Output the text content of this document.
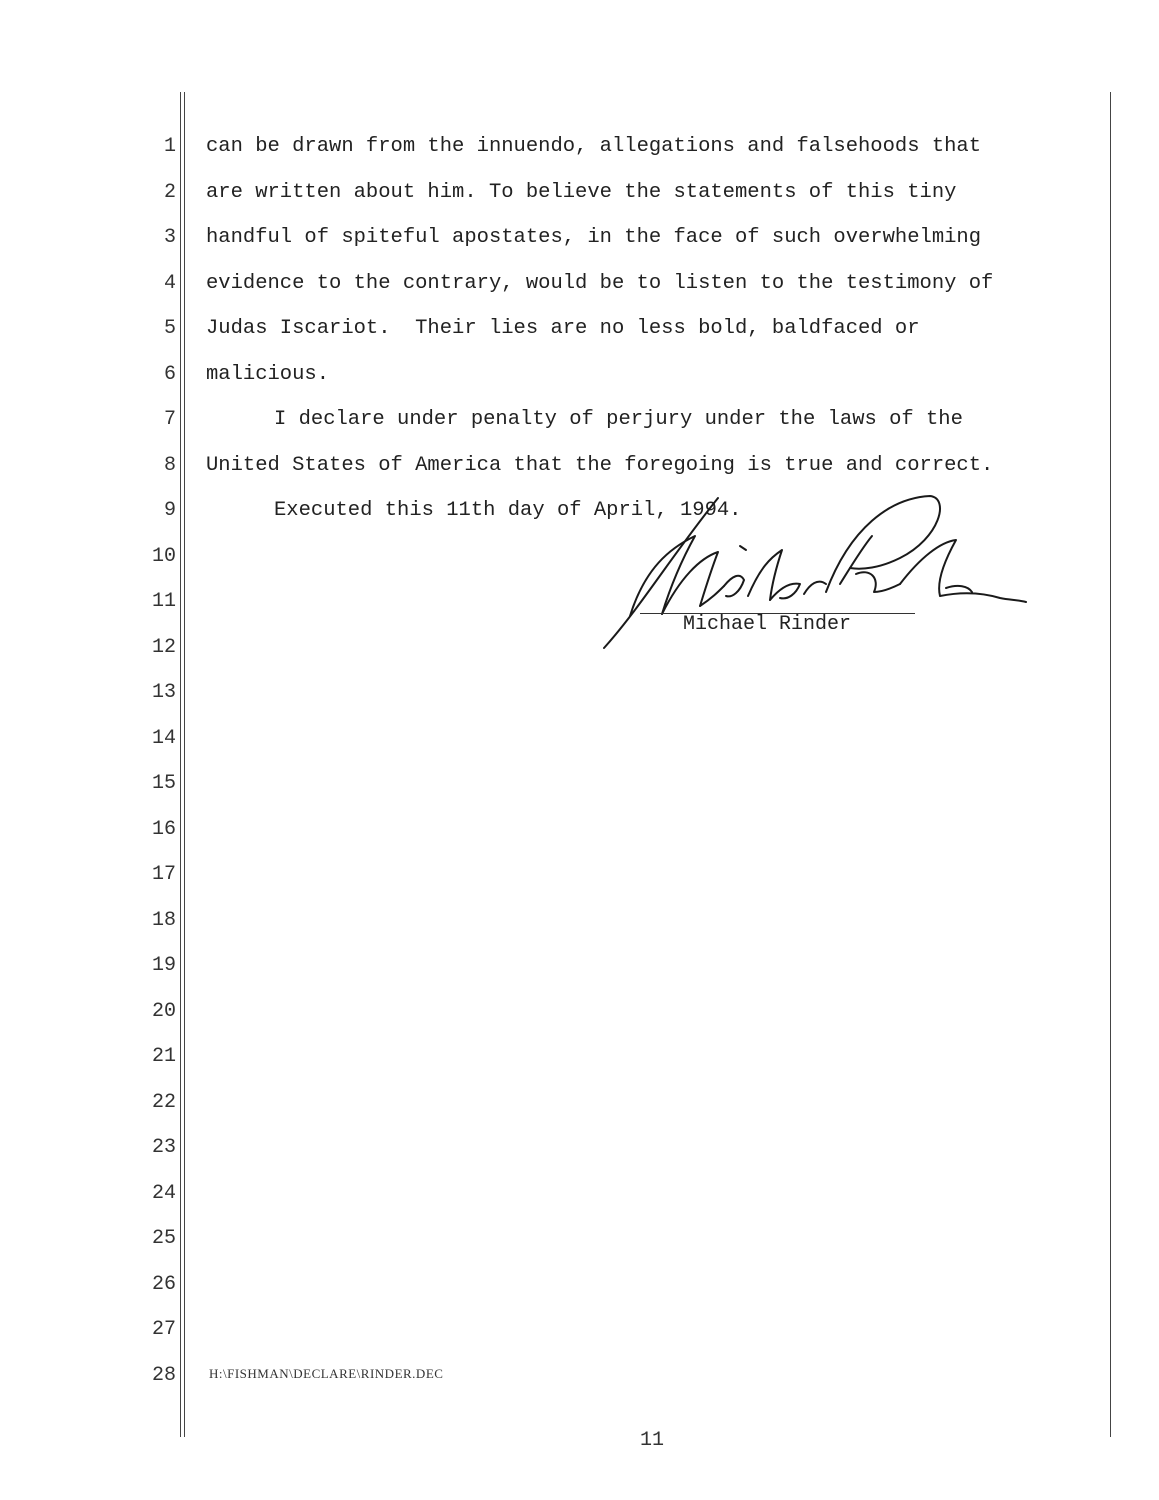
1
2
3
4
5
6
7
8
9
10
11
12
13
14
15
16
17
18
19
20
21
22
23
24
25
26
27
28
can be drawn from the innuendo, allegations and falsehoods that
are written about him. To believe the statements of this tiny
handful of spiteful apostates, in the face of such overwhelming
evidence to the contrary, would be to listen to the testimony of
Judas Iscariot.  Their lies are no less bold, baldfaced or
malicious.
I declare under penalty of perjury under the laws of the
United States of America that the foregoing is true and correct.
Executed this 11th day of April, 1994.
Michael Rinder
H:\FISHMAN\DECLARE\RINDER.DEC
11
